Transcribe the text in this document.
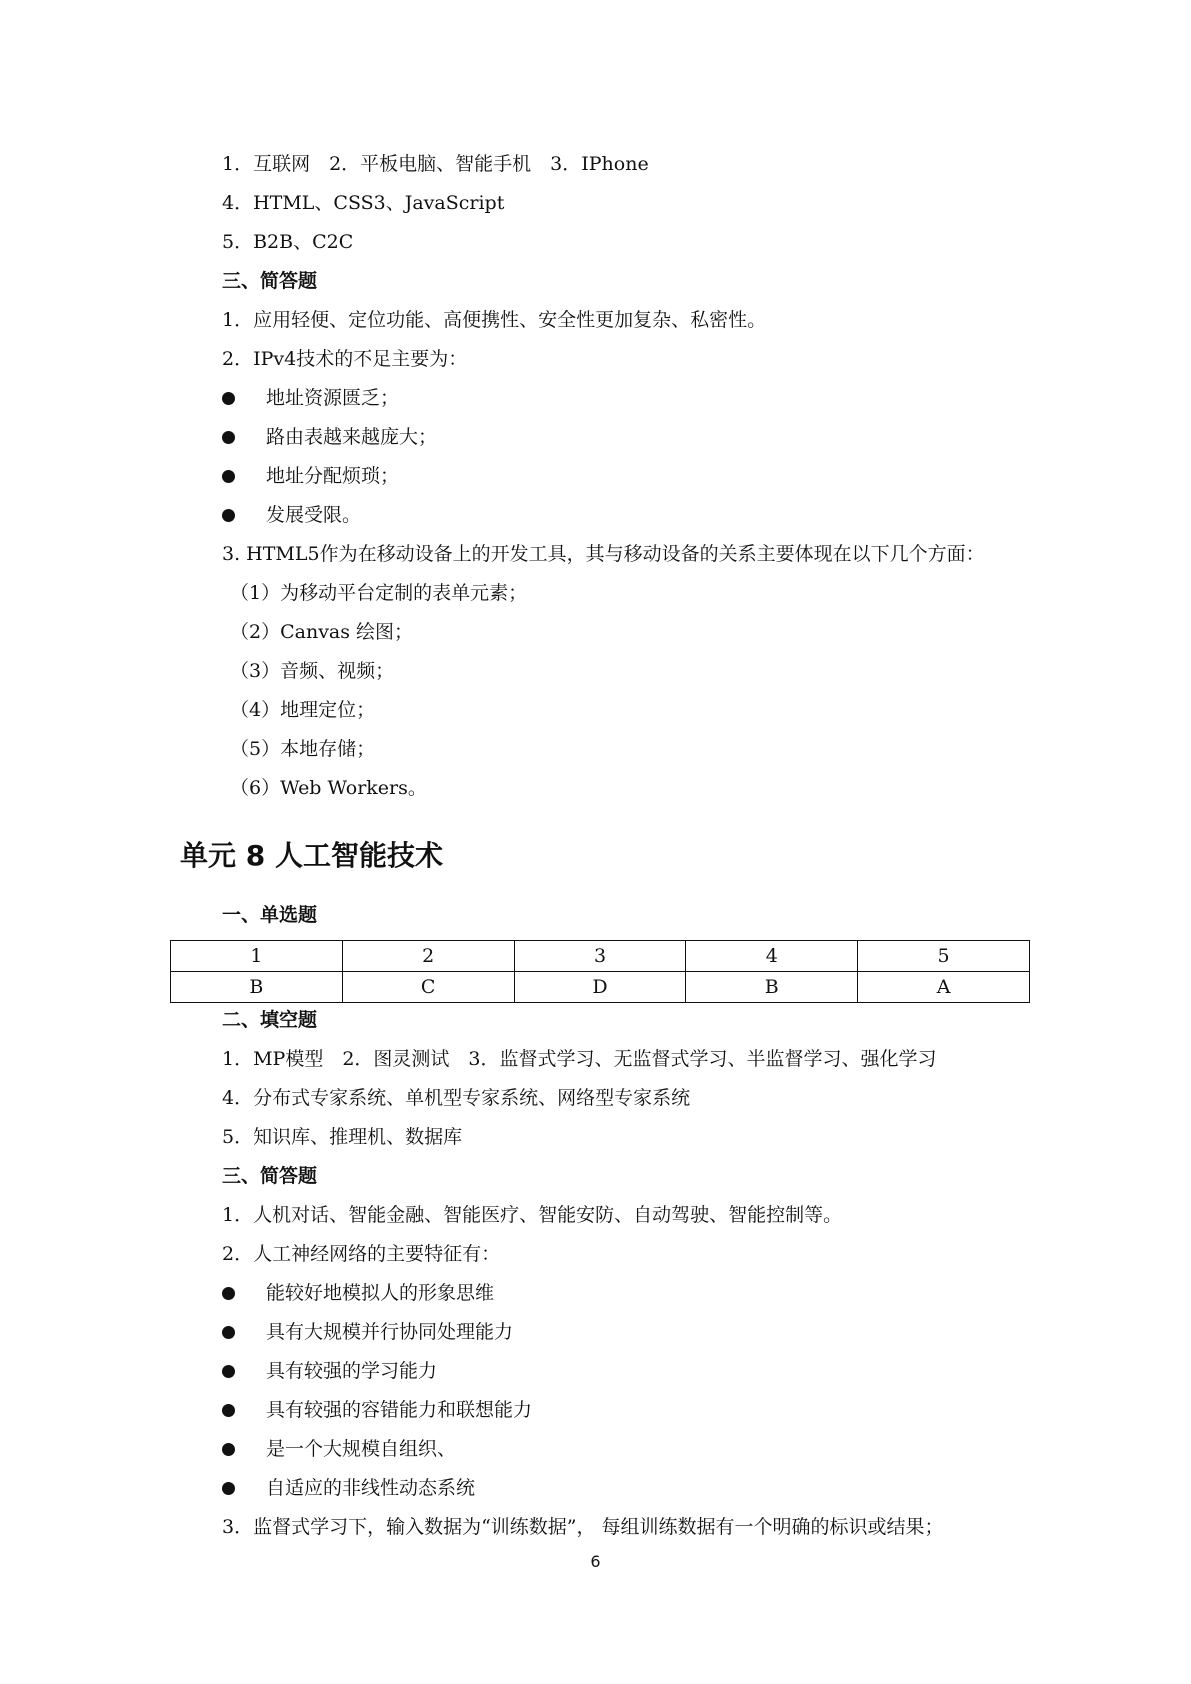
1．互联网　2．平板电脑、智能手机　3．IPhone
4．HTML、CSS3、JavaScript
5．B2B、C2C
三、简答题
1．应用轻便、定位功能、高便携性、安全性更加复杂、私密性。
2．IPv4技术的不足主要为：
地址资源匮乏；
路由表越来越庞大；
地址分配烦琐；
发展受限。
3. HTML5作为在移动设备上的开发工具，其与移动设备的关系主要体现在以下几个方面：
（1）为移动平台定制的表单元素；
（2）Canvas 绘图；
（3）音频、视频；
（4）地理定位；
（5）本地存储；
（6）Web Workers。
单元 8 人工智能技术
一、单选题
1	2	3	4	5
B	C	D	B	A
二、填空题
1．MP模型　2．图灵测试　3．监督式学习、无监督式学习、半监督学习、强化学习
4．分布式专家系统、单机型专家系统、网络型专家系统
5．知识库、推理机、数据库
三、简答题
1．人机对话、智能金融、智能医疗、智能安防、自动驾驶、智能控制等。
2．人工神经网络的主要特征有：
能较好地模拟人的形象思维
具有大规模并行协同处理能力
具有较强的学习能力
具有较强的容错能力和联想能力
是一个大规模自组织、
自适应的非线性动态系统
3．监督式学习下，输入数据为“训练数据”， 每组训练数据有一个明确的标识或结果；
6
